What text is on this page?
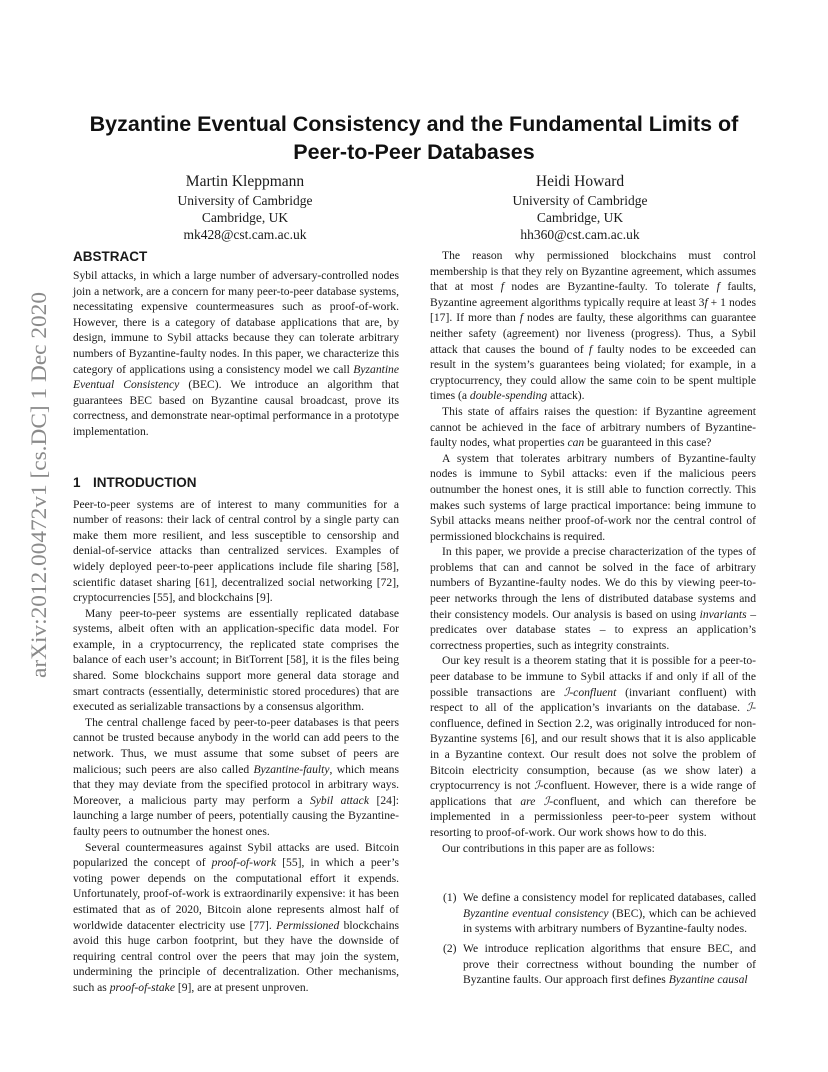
arXiv:2012.00472v1 [cs.DC] 1 Dec 2020
Byzantine Eventual Consistency and the Fundamental Limits of
Peer-to-Peer Databases
Martin Kleppmann
University of Cambridge
Cambridge, UK
mk428@cst.cam.ac.uk
Heidi Howard
University of Cambridge
Cambridge, UK
hh360@cst.cam.ac.uk
ABSTRACT

Sybil attacks, in which a large number of adversary-controlled nodes join a network, are a concern for many peer-to-peer database systems, necessitating expensive countermeasures such as proof-of-work. However, there is a category of database applications that are, by design, immune to Sybil attacks because they can tolerate arbitrary numbers of Byzantine-faulty nodes. In this paper, we characterize this category of applications using a consistency model we call Byzantine Eventual Consistency (BEC). We introduce an algorithm that guarantees BEC based on Byzantine causal broadcast, prove its correctness, and demonstrate near-optimal performance in a prototype implementation.

1 INTRODUCTION

Peer-to-peer systems are of interest to many communities for a number of reasons: their lack of central control by a single party can make them more resilient, and less susceptible to censorship and denial-of-service attacks than centralized services. Examples of widely deployed peer-to-peer applications include file sharing [58], scientific dataset sharing [61], decentralized social networking [72], cryptocurrencies [55], and blockchains [9].

Many peer-to-peer systems are essentially replicated database systems, albeit often with an application-specific data model. For example, in a cryptocurrency, the replicated state comprises the balance of each user’s account; in BitTorrent [58], it is the files being shared. Some blockchains support more general data storage and smart contracts (essentially, deterministic stored procedures) that are executed as serializable transactions by a consensus algorithm.

The central challenge faced by peer-to-peer databases is that peers cannot be trusted because anybody in the world can add peers to the network. Thus, we must assume that some subset of peers are malicious; such peers are also called Byzantine-faulty, which means that they may deviate from the specified protocol in arbitrary ways. Moreover, a malicious party may perform a Sybil attack [24]: launching a large number of peers, potentially causing the Byzantine-faulty peers to outnumber the honest ones.

Several countermeasures against Sybil attacks are used. Bitcoin popularized the concept of proof-of-work [55], in which a peer’s voting power depends on the computational effort it expends. Unfortunately, proof-of-work is extraordinarily expensive: it has been estimated that as of 2020, Bitcoin alone represents almost half of worldwide datacenter electricity use [77]. Permissioned blockchains avoid this huge carbon footprint, but they have the downside of requiring central control over the peers that may join the system, undermining the principle of decentralization. Other mechanisms, such as proof-of-stake [9], are at present unproven.

The reason why permissioned blockchains must control membership is that they rely on Byzantine agreement, which assumes that at most f nodes are Byzantine-faulty. To tolerate f faults, Byzantine agreement algorithms typically require at least 3f + 1 nodes [17]. If more than f nodes are faulty, these algorithms can guarantee neither safety (agreement) nor liveness (progress). Thus, a Sybil attack that causes the bound of f faulty nodes to be exceeded can result in the system’s guarantees being violated; for example, in a cryptocurrency, they could allow the same coin to be spent multiple times (a double-spending attack).

This state of affairs raises the question: if Byzantine agreement cannot be achieved in the face of arbitrary numbers of Byzantine-faulty nodes, what properties can be guaranteed in this case?

A system that tolerates arbitrary numbers of Byzantine-faulty nodes is immune to Sybil attacks: even if the malicious peers outnumber the honest ones, it is still able to function correctly. This makes such systems of large practical importance: being immune to Sybil attacks means neither proof-of-work nor the central control of permissioned blockchains is required.

In this paper, we provide a precise characterization of the types of problems that can and cannot be solved in the face of arbitrary numbers of Byzantine-faulty nodes. We do this by viewing peer-to-peer networks through the lens of distributed database systems and their consistency models. Our analysis is based on using invariants – predicates over database states – to express an application’s correctness properties, such as integrity constraints.

Our key result is a theorem stating that it is possible for a peer-to-peer database to be immune to Sybil attacks if and only if all of the possible transactions are ℐ-confluent (invariant confluent) with respect to all of the application’s invariants on the database. ℐ-confluence, defined in Section 2.2, was originally introduced for non-Byzantine systems [6], and our result shows that it is also applicable in a Byzantine context. Our result does not solve the problem of Bitcoin electricity consumption, because (as we show later) a cryptocurrency is not ℐ-confluent. However, there is a wide range of applications that are ℐ-confluent, and which can therefore be implemented in a permissionless peer-to-peer system without resorting to proof-of-work. Our work shows how to do this.

Our contributions in this paper are as follows:

(1) We define a consistency model for replicated databases, called Byzantine eventual consistency (BEC), which can be achieved in systems with arbitrary numbers of Byzantine-faulty nodes.
(2) We introduce replication algorithms that ensure BEC, and prove their correctness without bounding the number of Byzantine faults. Our approach first defines Byzantine causal
